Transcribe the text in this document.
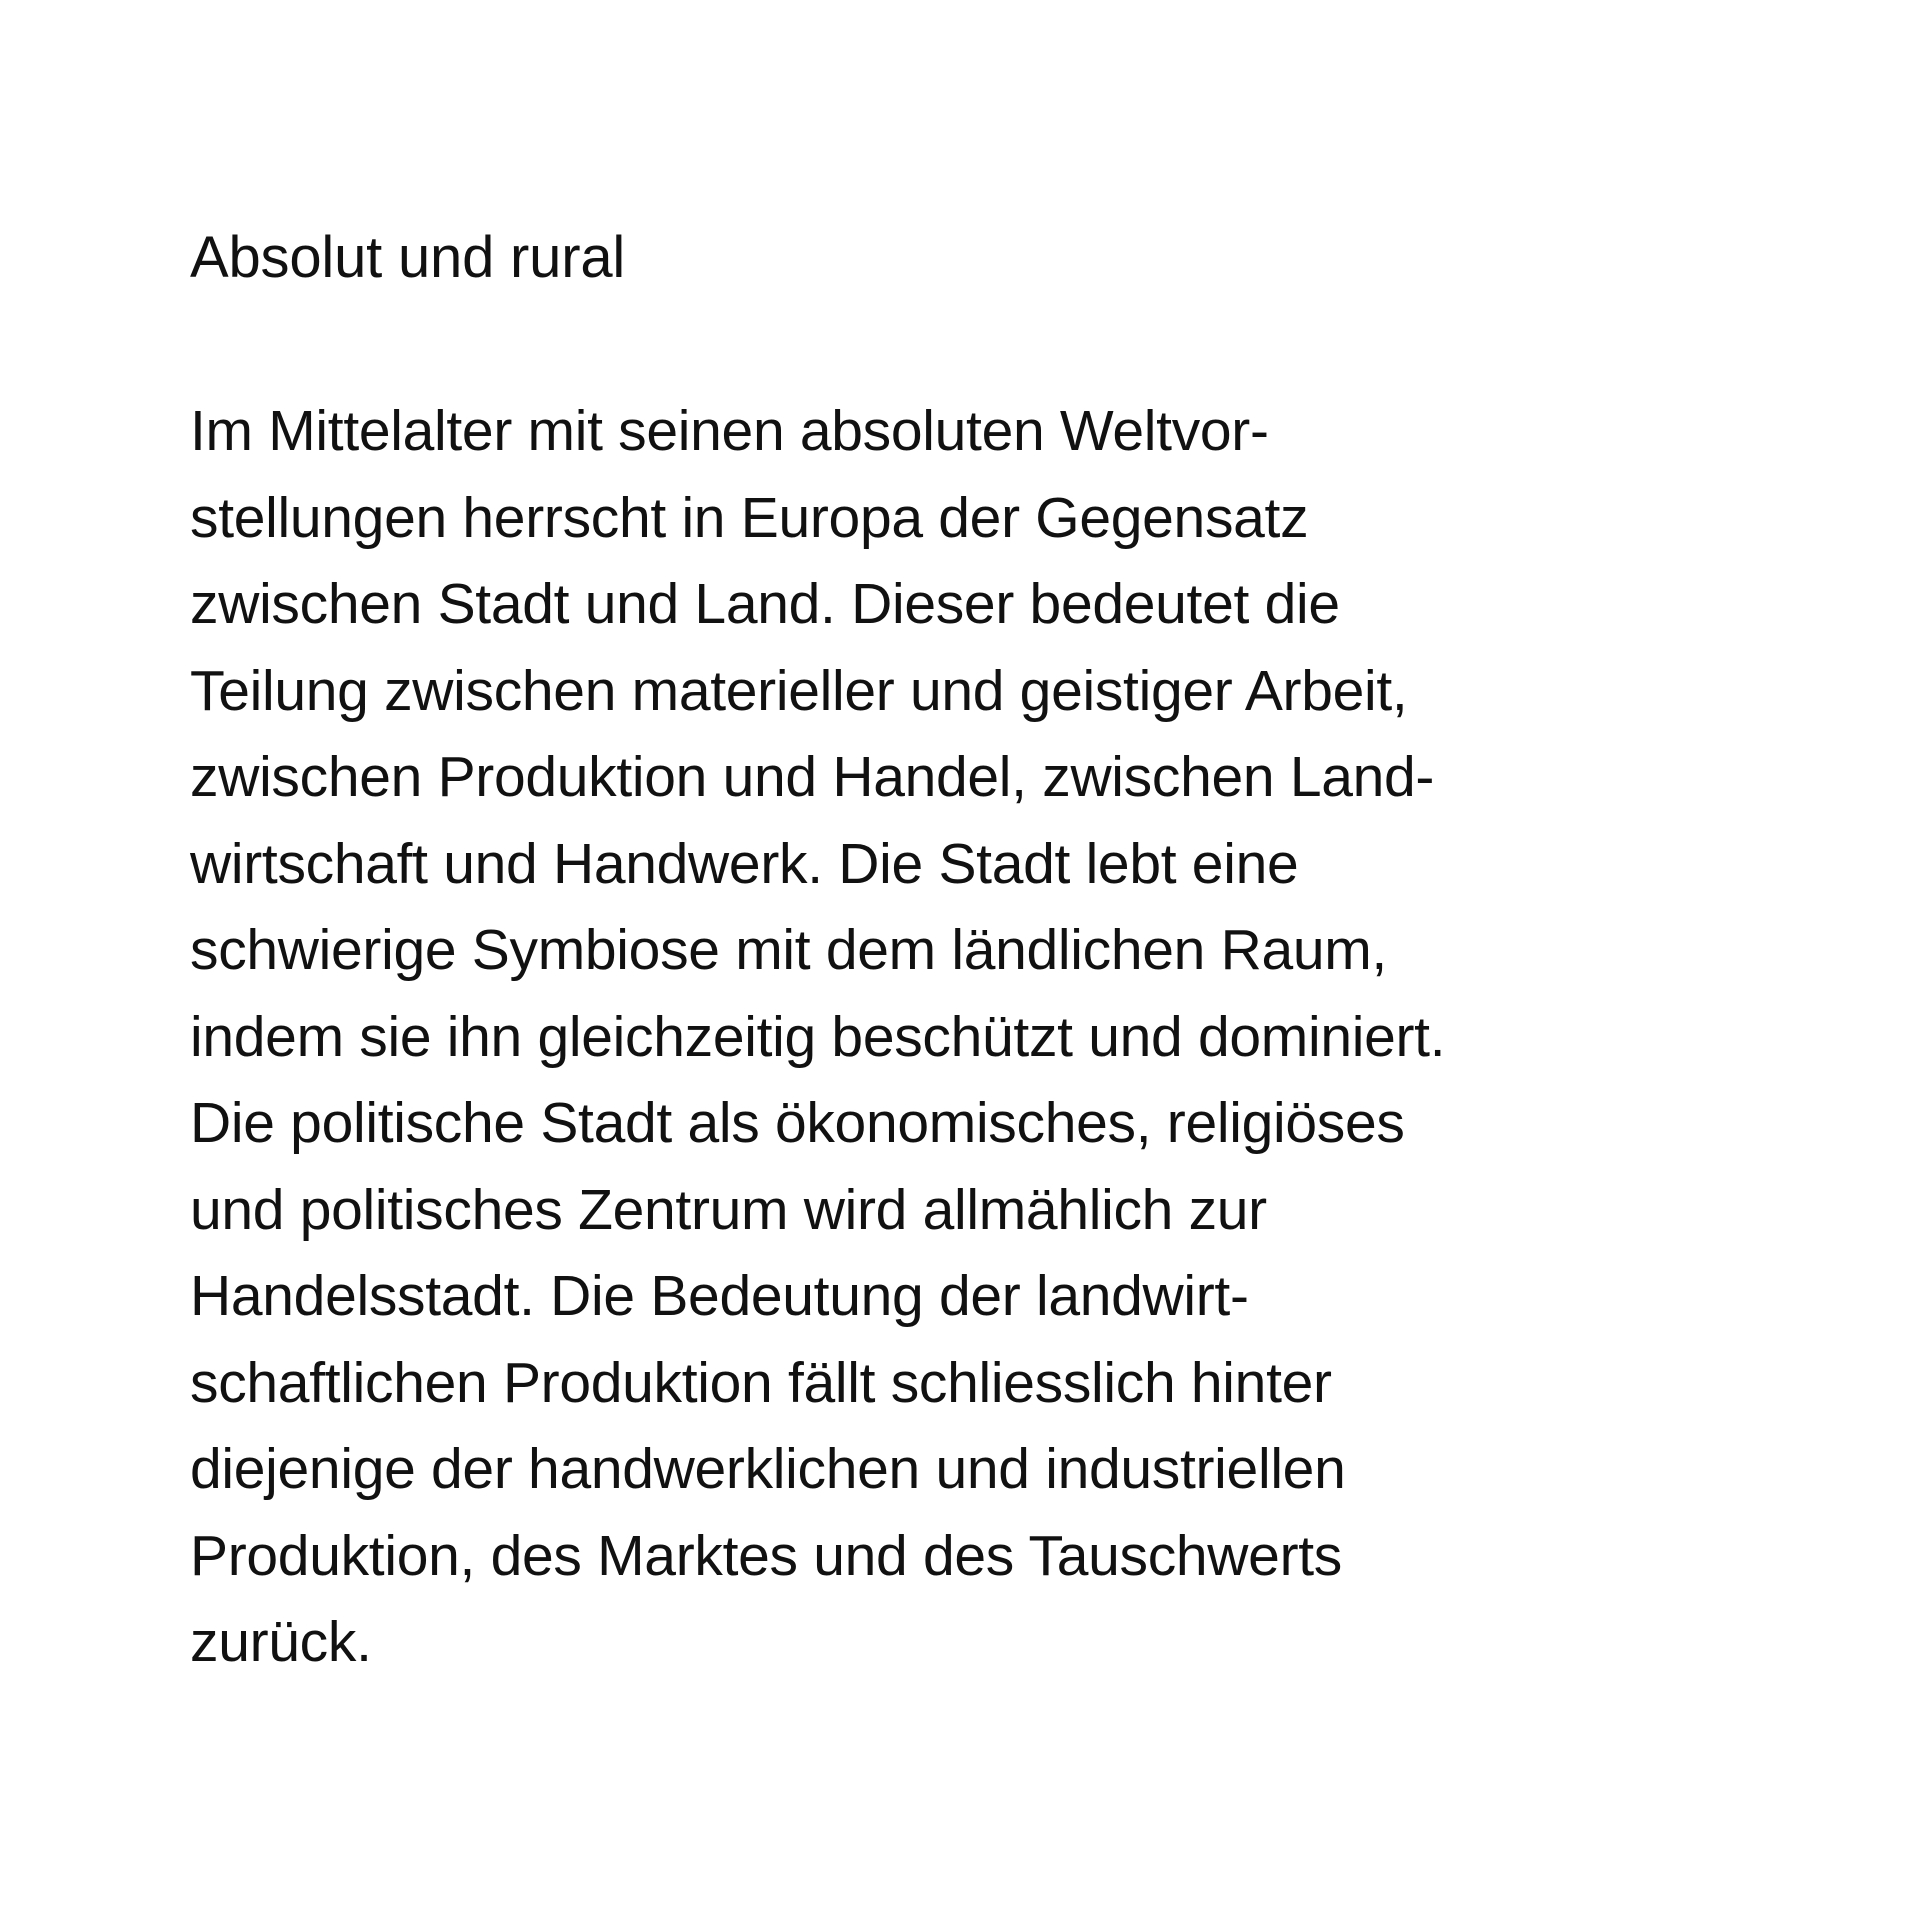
Absolut und rural

Im Mittelalter mit seinen absoluten Weltvor-
stellungen herrscht in Europa der Gegensatz
zwischen Stadt und Land. Dieser bedeutet die
Teilung zwischen materieller und geistiger Arbeit,
zwischen Produktion und Handel, zwischen Land-
wirtschaft und Handwerk. Die Stadt lebt eine
schwierige Symbiose mit dem ländlichen Raum,
indem sie ihn gleichzeitig beschützt und dominiert.
Die politische Stadt als ökonomisches, religiöses
und politisches Zentrum wird allmählich zur
Handelsstadt. Die Bedeutung der landwirt-
schaftlichen Produktion fällt schliesslich hinter
diejenige der handwerklichen und industriellen
Produktion, des Marktes und des Tauschwerts
zurück.
